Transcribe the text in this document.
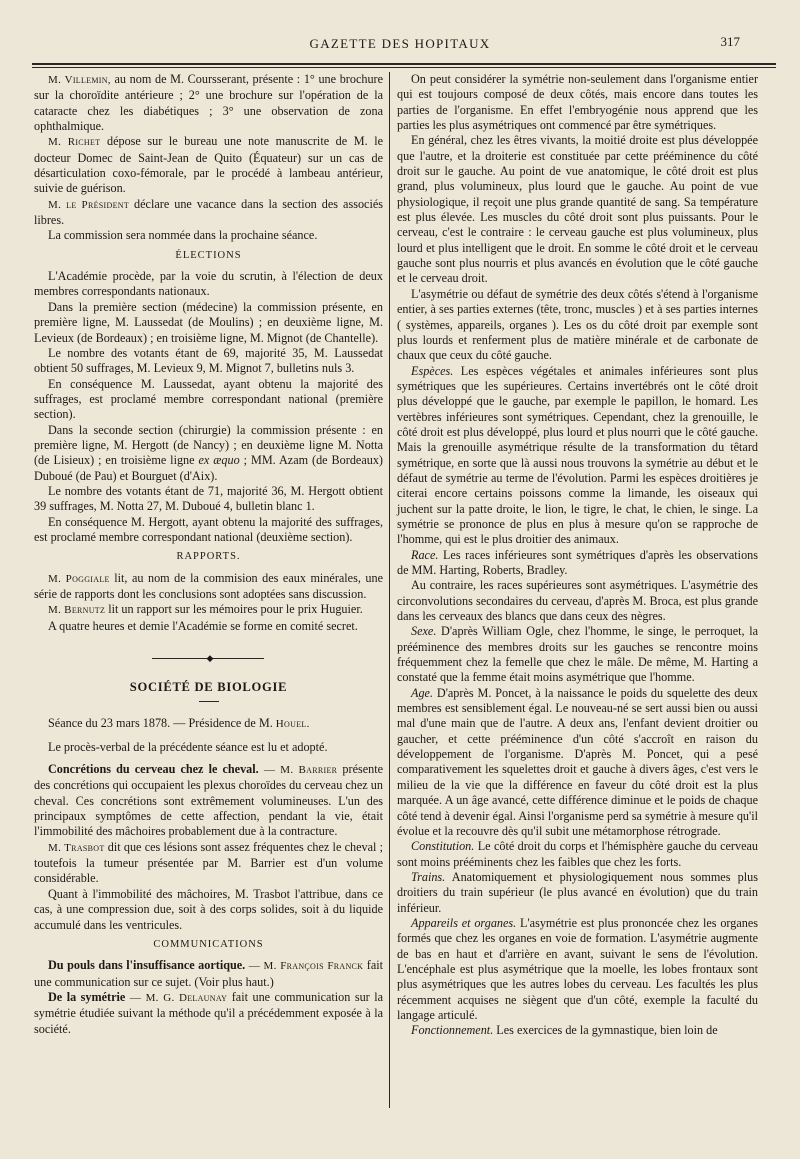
GAZETTE DES HOPITAUX	317

M. Villemin, au nom de M. Coursserant, présente : 1° une brochure sur la choroïdite antérieure ; 2° une brochure sur l'opération de la cataracte chez les diabétiques ; 3° une observation de zona ophthalmique.

M. Richet dépose sur le bureau une note manuscrite de M. le docteur Domec de Saint-Jean de Quito (Équateur) sur un cas de désarticulation coxo-fémorale, par le procédé à lambeau antérieur, suivie de guérison.

M. le Président déclare une vacance dans la section des associés libres.

La commission sera nommée dans la prochaine séance.

ÉLECTIONS

L'Académie procède, par la voie du scrutin, à l'élection de deux membres correspondants nationaux.

Dans la première section (médecine) la commission présente, en première ligne, M. Laussedat (de Moulins) ; en deuxième ligne, M. Levieux (de Bordeaux) ; en troisième ligne, M. Mignot (de Chantelle).

Le nombre des votants étant de 69, majorité 35, M. Laussedat obtient 50 suffrages, M. Levieux 9, M. Mignot 7, bulletins nuls 3.

En conséquence M. Laussedat, ayant obtenu la majorité des suffrages, est proclamé membre correspondant national (première section).

Dans la seconde section (chirurgie) la commission présente : en première ligne, M. Hergott (de Nancy) ; en deuxième ligne M. Notta (de Lisieux) ; en troisième ligne ex æquo ; MM. Azam (de Bordeaux) Duboué (de Pau) et Bourguet (d'Aix).

Le nombre des votants étant de 71, majorité 36, M. Hergott obtient 39 suffrages, M. Notta 27, M. Duboué 4, bulletin blanc 1.

En conséquence M. Hergott, ayant obtenu la majorité des suffrages, est proclamé membre correspondant national (deuxième section).

RAPPORTS.

M. Poggiale lit, au nom de la commision des eaux minérales, une série de rapports dont les conclusions sont adoptées sans discussion.

M. Bernutz lit un rapport sur les mémoires pour le prix Huguier.

A quatre heures et demie l'Académie se forme en comité secret.

◆
SOCIÉTÉ DE BIOLOGIE

Séance du 23 mars 1878. — Présidence de M. Houel.

Le procès-verbal de la précédente séance est lu et adopté.

Concrétions du cerveau chez le cheval. — M. Barrier présente des concrétions qui occupaient les plexus choroïdes du cerveau chez un cheval. Ces concrétions sont extrêmement volumineuses. L'un des principaux symptômes de cette affection, pendant la vie, était l'immobilité des mâchoires probablement due à la contracture.

M. Trasbot dit que ces lésions sont assez fréquentes chez le cheval ; toutefois la tumeur présentée par M. Barrier est d'un volume considérable.

Quant à l'immobilité des mâchoires, M. Trasbot l'attribue, dans ce cas, à une compression due, soit à des corps solides, soit à du liquide accumulé dans les ventricules.

COMMUNICATIONS

Du pouls dans l'insuffisance aortique. — M. François Franck fait une communication sur ce sujet. (Voir plus haut.)

De la symétrie — M. G. Delaunay fait une communication sur la symétrie étudiée suivant la méthode qu'il a précédemment exposée à la société.

On peut considérer la symétrie non-seulement dans l'organisme entier qui est toujours composé de deux côtés, mais encore dans toutes les parties de l'organisme. En effet l'embryogénie nous apprend que les parties les plus asymétriques ont commencé par être symétriques.

En général, chez les êtres vivants, la moitié droite est plus développée que l'autre, et la droiterie est constituée par cette prééminence du côté droit sur le gauche. Au point de vue anatomique, le côté droit est plus grand, plus volumineux, plus lourd que le gauche. Au point de vue physiologique, il reçoit une plus grande quantité de sang. Sa température est plus élevée. Les muscles du côté droit sont plus puissants. Pour le cerveau, c'est le contraire : le cerveau gauche est plus volumineux, plus lourd et plus intelligent que le droit. En somme le côté droit et le cerveau gauche sont plus nourris et plus avancés en évolution que le côté gauche et le cerveau droit.

L'asymétrie ou défaut de symétrie des deux côtés s'étend à l'organisme entier, à ses parties externes (tête, tronc, muscles ) et à ses parties internes ( systèmes, appareils, organes ). Les os du côté droit par exemple sont plus lourds et renferment plus de matière minérale et de carbonate de chaux que ceux du côté gauche.

Espèces. Les espèces végétales et animales inférieures sont plus symétriques que les supérieures. Certains invertébrés ont le côté droit plus développé que le gauche, par exemple le papillon, le homard. Les vertèbres inférieures sont symétriques. Cependant, chez la grenouille, le côté droit est plus développé, plus lourd et plus nourri que le côté gauche. Mais la grenouille asymétrique résulte de la transformation du têtard symétrique, en sorte que là aussi nous trouvons la symétrie au début et le défaut de symétrie au terme de l'évolution. Parmi les espèces droitières je citerai encore certains poissons comme la limande, les oiseaux qui juchent sur la patte droite, le lion, le tigre, le chat, le chien, le singe. La symétrie se prononce de plus en plus à mesure qu'on se rapproche de l'homme, qui est le plus droitier des animaux.

Race. Les races inférieures sont symétriques d'après les observations de MM. Harting, Roberts, Bradley.

Au contraire, les races supérieures sont asymétriques. L'asymétrie des circonvolutions secondaires du cerveau, d'après M. Broca, est plus grande dans les cerveaux des blancs que dans ceux des nègres.

Sexe. D'après William Ogle, chez l'homme, le singe, le perroquet, la prééminence des membres droits sur les gauches se rencontre moins fréquemment chez la femelle que chez le mâle. De même, M. Harting a constaté que la femme était moins asymétrique que l'homme.

Age. D'après M. Poncet, à la naissance le poids du squelette des deux membres est sensiblement égal. Le nouveau-né se sert aussi bien ou aussi mal d'une main que de l'autre. A deux ans, l'enfant devient droitier ou gaucher, et cette prééminence d'un côté s'accroît en raison du développement de l'organisme. D'après M. Poncet, qui a pesé comparativement les squelettes droit et gauche à divers âges, c'est vers le milieu de la vie que la différence en faveur du côté droit est la plus marquée. A un âge avancé, cette différence diminue et le poids de chaque côté tend à devenir égal. Ainsi l'organisme perd sa symétrie à mesure qu'il évolue et la recouvre dès qu'il subit une métamorphose rétrograde.

Constitution. Le côté droit du corps et l'hémisphère gauche du cerveau sont moins prééminents chez les faibles que chez les forts.

Trains. Anatomiquement et physiologiquement nous sommes plus droitiers du train supérieur (le plus avancé en évolution) que du train inférieur.

Appareils et organes. L'asymétrie est plus prononcée chez les organes formés que chez les organes en voie de formation. L'asymétrie augmente de bas en haut et d'arrière en avant, suivant le sens de l'évolution. L'encéphale est plus asymétrique que la moelle, les lobes frontaux sont plus asymétriques que les autres lobes du cerveau. Les facultés les plus récemment acquises ne siègent que d'un côté, exemple la faculté du langage articulé.

Fonctionnement. Les exercices de la gymnastique, bien loin de
